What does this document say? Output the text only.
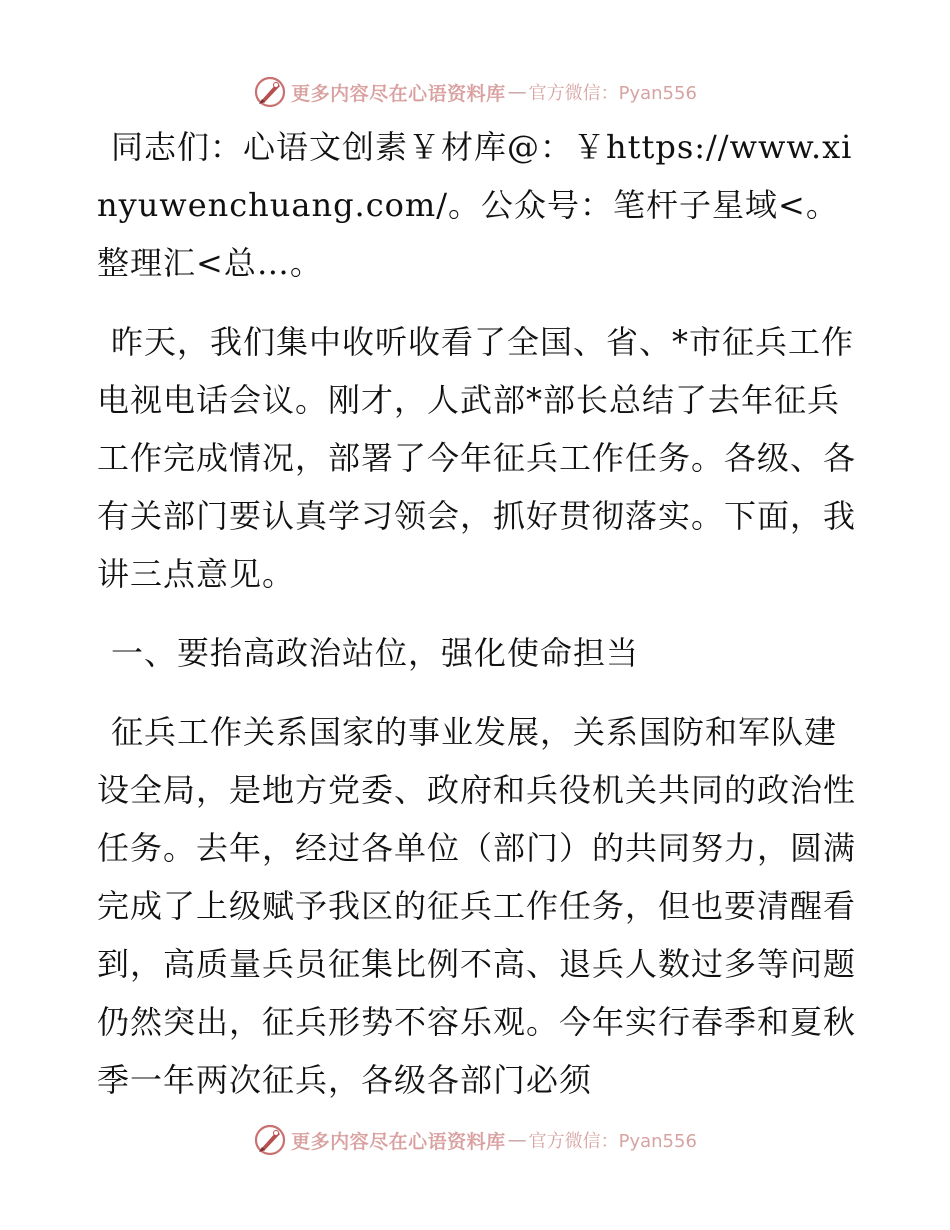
更多内容尽在心语资料库 — 官方微信：Pyan556

同志们：心语文创素￥材库@：￥https://www.xinyuwenchuang.com/。公众号：笔杆子星域<。整理汇<总…。

昨天，我们集中收听收看了全国、省、*市征兵工作电视电话会议。刚才，人武部*部长总结了去年征兵工作完成情况，部署了今年征兵工作任务。各级、各有关部门要认真学习领会，抓好贯彻落实。下面，我讲三点意见。

一、要抬高政治站位，强化使命担当

征兵工作关系国家的事业发展，关系国防和军队建设全局，是地方党委、政府和兵役机关共同的政治性任务。去年，经过各单位（部门）的共同努力，圆满完成了上级赋予我区的征兵工作任务，但也要清醒看到，高质量兵员征集比例不高、退兵人数过多等问题仍然突出，征兵形势不容乐观。今年实行春季和夏秋季一年两次征兵，各级各部门必须

更多内容尽在心语资料库 — 官方微信：Pyan556
